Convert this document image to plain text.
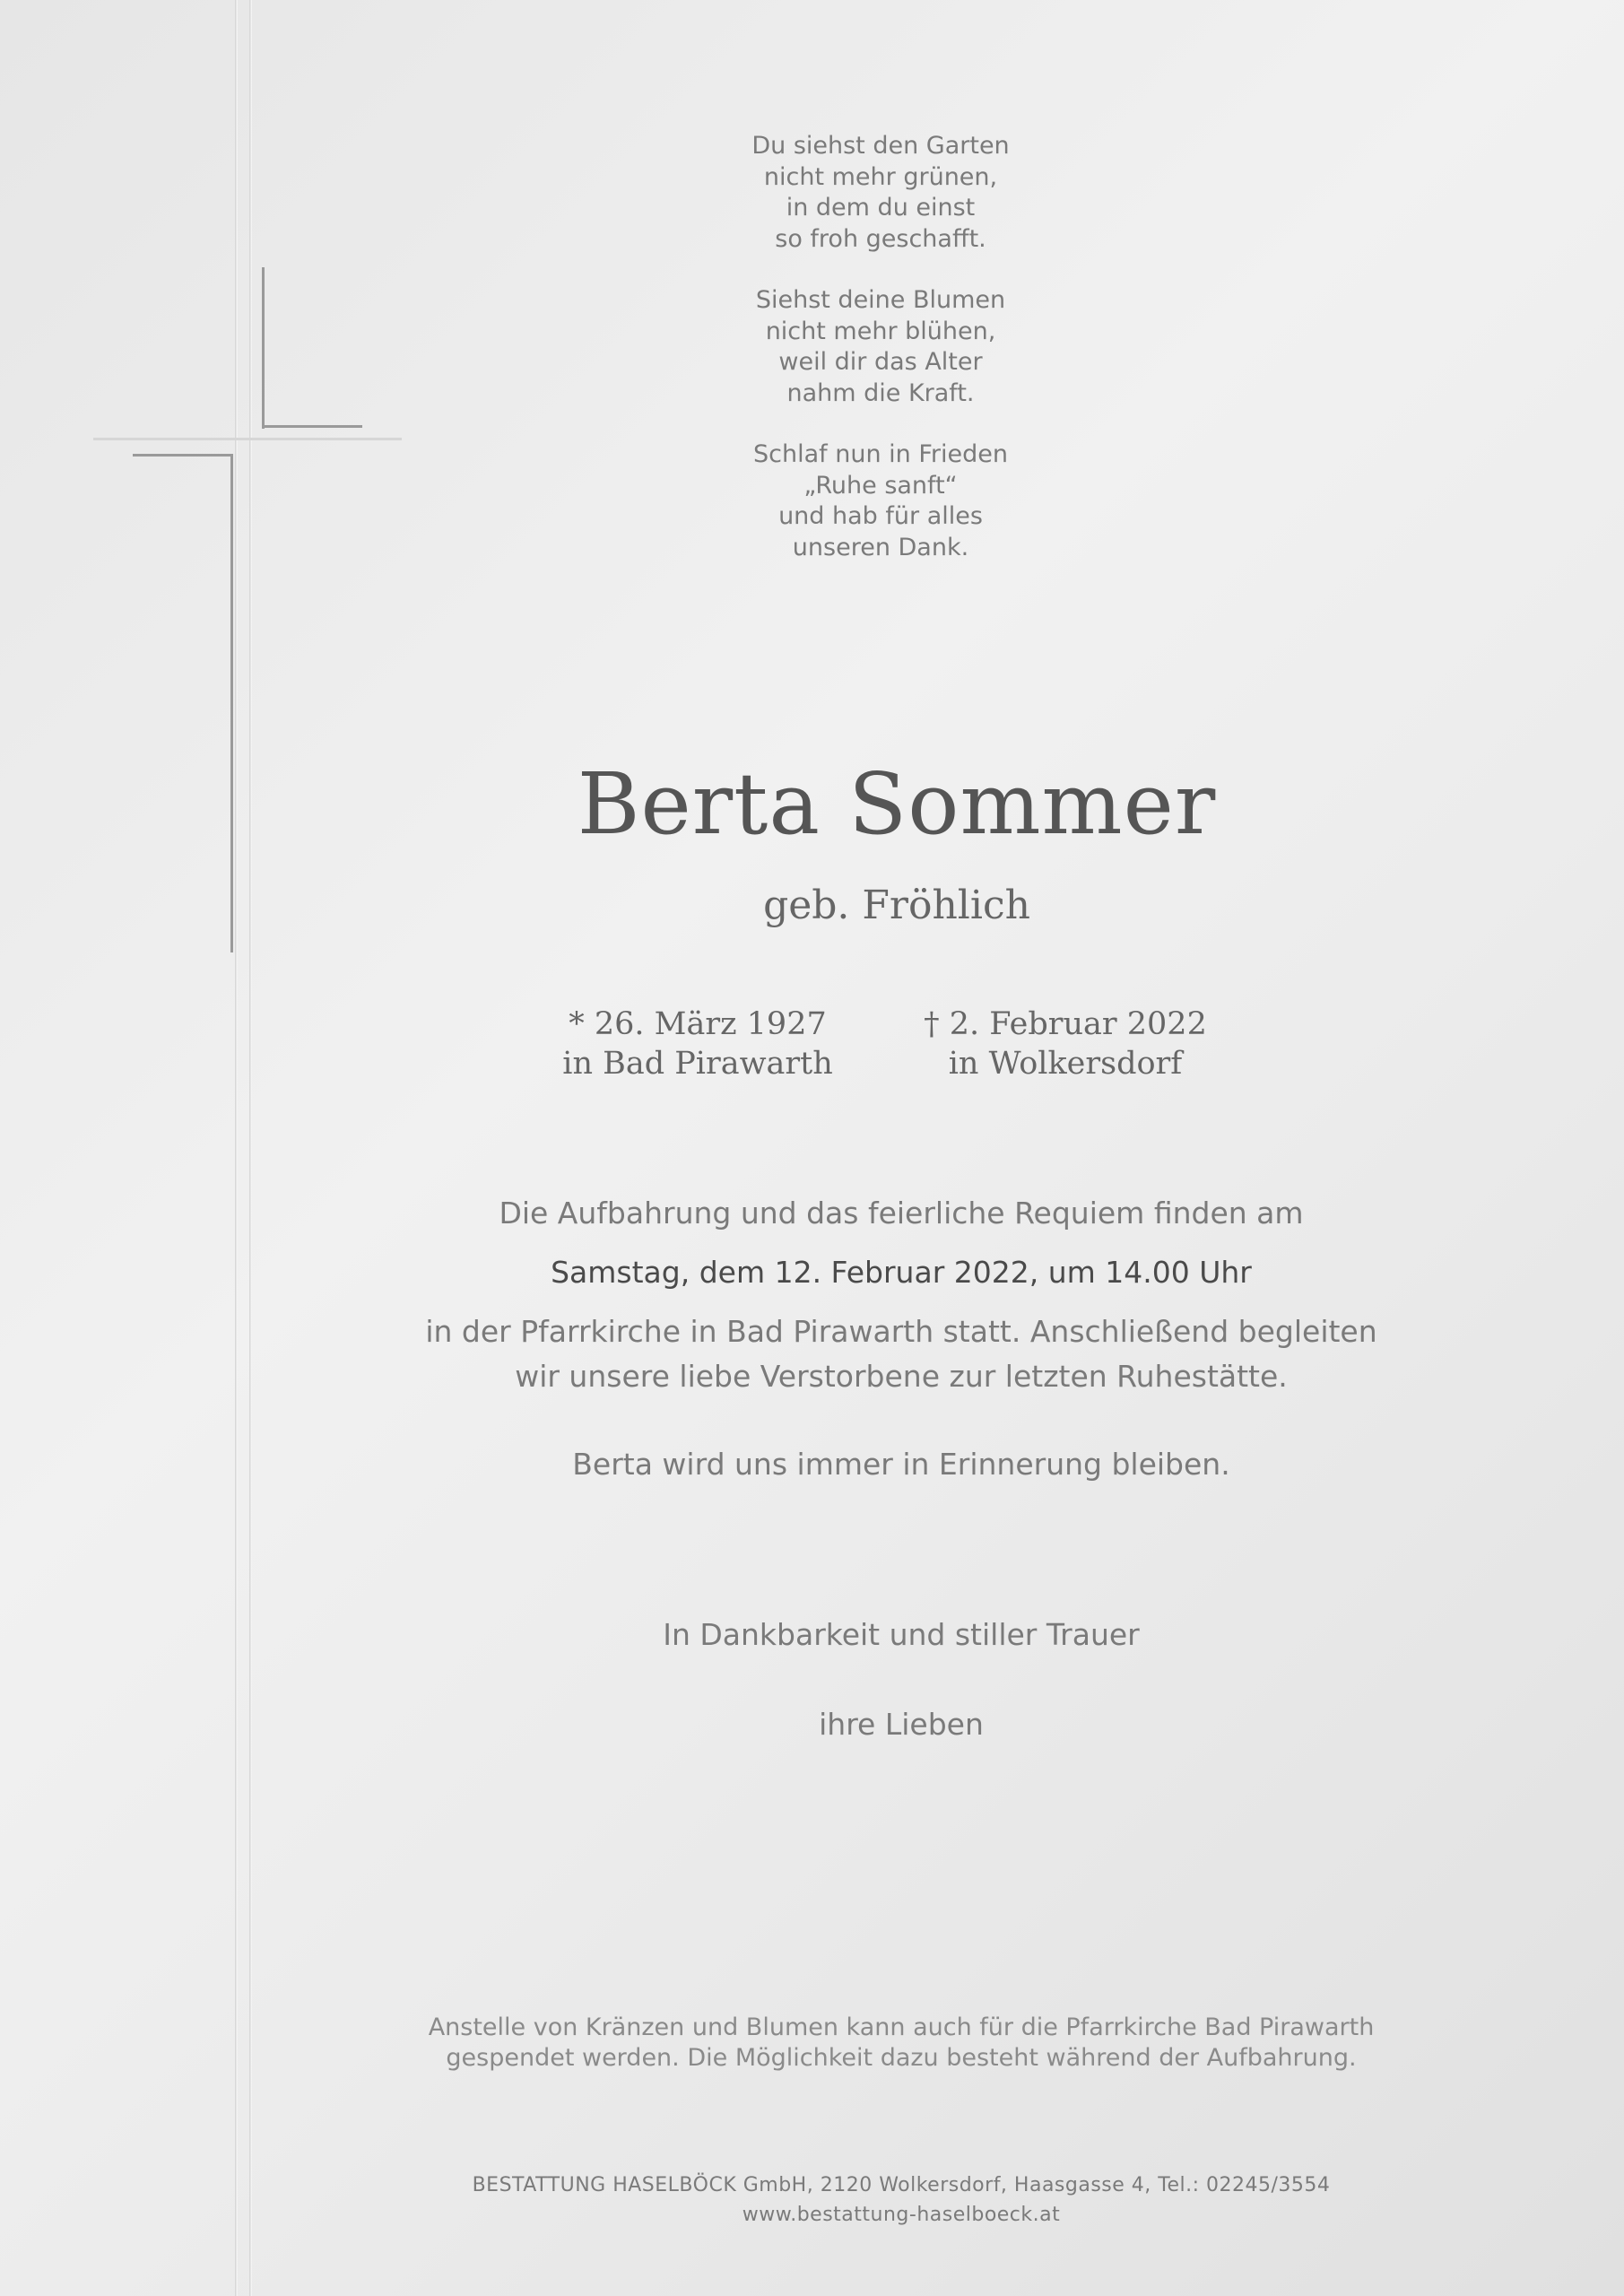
Du siehst den Garten
nicht mehr grünen,
in dem du einst
so froh geschafft.
Siehst deine Blumen
nicht mehr blühen,
weil dir das Alter
nahm die Kraft.
Schlaf nun in Frieden
„Ruhe sanft“
und hab für alles
unseren Dank.
Berta Sommer
geb. Fröhlich
* 26. März 1927
in Bad Pirawarth
† 2. Februar 2022
in Wolkersdorf
Die Aufbahrung und das feierliche Requiem finden am
Samstag, dem 12. Februar 2022, um 14.00 Uhr
in der Pfarrkirche in Bad Pirawarth statt. Anschließend begleiten
wir unsere liebe Verstorbene zur letzten Ruhestätte.
Berta wird uns immer in Erinnerung bleiben.
In Dankbarkeit und stiller Trauer
ihre Lieben
Anstelle von Kränzen und Blumen kann auch für die Pfarrkirche Bad Pirawarth
gespendet werden. Die Möglichkeit dazu besteht während der Aufbahrung.
BESTATTUNG HASELBÖCK GmbH, 2120 Wolkersdorf, Haasgasse 4, Tel.: 02245/3554
www.bestattung-haselboeck.at
